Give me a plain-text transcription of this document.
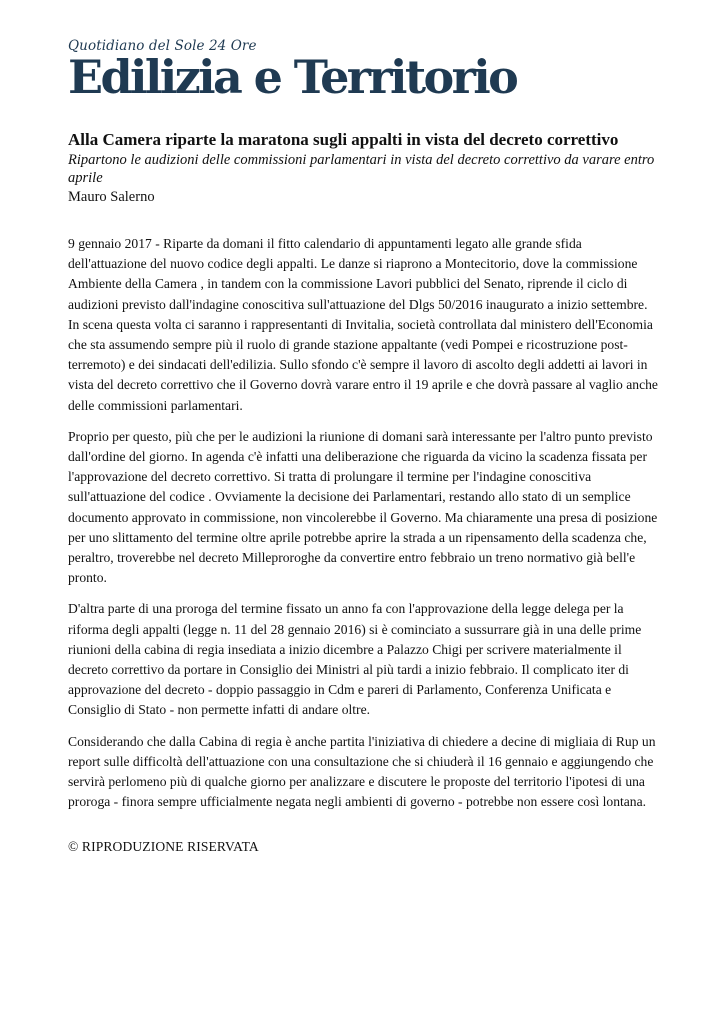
Quotidiano del Sole 24 Ore
Edilizia e Territorio
Alla Camera riparte la maratona sugli appalti in vista del decreto correttivo

Ripartono le audizioni delle commissioni parlamentari in vista del decreto correttivo da varare entro aprile

Mauro Salerno

9 gennaio 2017 - Riparte da domani il fitto calendario di appuntamenti legato alle grande sfida dell'attuazione del nuovo codice degli appalti. Le danze si riaprono a Montecitorio, dove la commissione Ambiente della Camera , in tandem con la commissione Lavori pubblici del Senato, riprende il ciclo di audizioni previsto dall'indagine conoscitiva sull'attuazione del Dlgs 50/2016 inaugurato a inizio settembre. In scena questa volta ci saranno i rappresentanti di Invitalia, società controllata dal ministero dell'Economia che sta assumendo sempre più il ruolo di grande stazione appaltante (vedi Pompei e ricostruzione post-terremoto) e dei sindacati dell'edilizia. Sullo sfondo c'è sempre il lavoro di ascolto degli addetti ai lavori in vista del decreto correttivo che il Governo dovrà varare entro il 19 aprile e che dovrà passare al vaglio anche delle commissioni parlamentari.

Proprio per questo, più che per le audizioni la riunione di domani sarà interessante per l'altro punto previsto dall'ordine del giorno. In agenda c'è infatti una deliberazione che riguarda da vicino la scadenza fissata per l'approvazione del decreto correttivo. Si tratta di prolungare il termine per l'indagine conoscitiva sull'attuazione del codice . Ovviamente la decisione dei Parlamentari, restando allo stato di un semplice documento approvato in commissione, non vincolerebbe il Governo. Ma chiaramente una presa di posizione per uno slittamento del termine oltre aprile potrebbe aprire la strada a un ripensamento della scadenza che, peraltro, troverebbe nel decreto Milleproroghe da convertire entro febbraio un treno normativo già bell'e pronto.

D'altra parte di una proroga del termine fissato un anno fa con l'approvazione della legge delega per la riforma degli appalti (legge n. 11 del 28 gennaio 2016) si è cominciato a sussurrare già in una delle prime riunioni della cabina di regia insediata a inizio dicembre a Palazzo Chigi per scrivere materialmente il decreto correttivo da portare in Consiglio dei Ministri al più tardi a inizio febbraio. Il complicato iter di approvazione del decreto - doppio passaggio in Cdm e pareri di Parlamento, Conferenza Unificata e Consiglio di Stato - non permette infatti di andare oltre.

Considerando che dalla Cabina di regia è anche partita l'iniziativa di chiedere a decine di migliaia di Rup un report sulle difficoltà dell'attuazione con una consultazione che si chiuderà il 16 gennaio e aggiungendo che servirà perlomeno più di qualche giorno per analizzare e discutere le proposte del territorio l'ipotesi di una proroga - finora sempre ufficialmente negata negli ambienti di governo - potrebbe non essere così lontana.

© RIPRODUZIONE RISERVATA
